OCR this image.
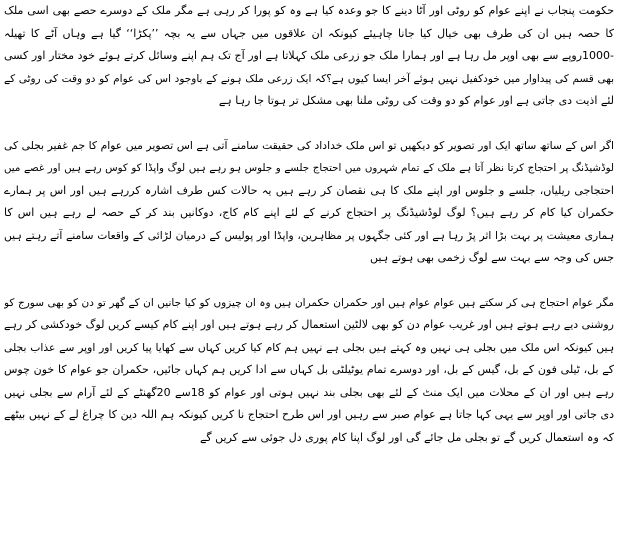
حکومت پنجاب نے اپنے عوام کو روٹی اور آٹا دینے کا جو وعدہ کیا ہے وہ کو پورا کر رہی ہے مگر ملک کے دوسرے حصے بھی اسی ملک
کا حصہ ہیں ان کی طرف بھی خیال کیا جانا چاہیئے کیونکہ ان علاقوں میں جہاں سے یہ بچہ ’’پکڑا‘‘ گیا ہے وہاں آٹے کا تھیلہ
-1000روپے سے بھی اوپر مل رہا ہے اور ہمارا ملک جو زرعی ملک کہلاتا ہے اور آج تک ہم اپنے وسائل کرتے ہوئے خود مختار اور کسی
بھی قسم کی پیداوار میں خودکفیل نہیں ہوئے آخر ایسا کیوں ہے؟کہ ایک زرعی ملک ہونے کے باوجود اس کی عوام کو دو وقت کی روٹی کے
لئے اذیت دی جاتی ہے اور عوام کو دو وقت کی روٹی ملنا بھی مشکل تر ہوتا جا رہا ہے
اگر اس کے ساتھ ساتھ ایک اور تصویر کو دیکھیں تو اس ملک خداداد کی حقیقت سامنے آتی ہے اس تصویر میں عوام کا جم غفیر بجلی کی
لوڈشیڈنگ پر احتجاج کرتا نظر آتا ہے ملک کے تمام شہروں میں احتجاج جلسے و جلوس ہو رہے ہیں لوگ واپڈا کو کوس رہے ہیں اور غصے میں
احتجاجی ریلیاں، جلسے و جلوس اور اپنے ملک کا ہی نقصان کر رہے ہیں یہ حالات کس طرف اشارہ کررہے ہیں اور اس پر ہمارے
حکمران کیا کام کر رہے ہیں؟ لوگ لوڈشیڈنگ پر احتجاج کرنے کے لئے اپنے کام کاج، دوکانیں بند کر کے حصہ لے رہے ہیں اس کا
ہماری معیشت پر بہت بڑا اثر پڑ رہا ہے اور کئی جگہوں پر مظاہرین، واپڈا اور پولیس کے درمیان لڑائی کے واقعات سامنے آتے رہتے ہیں
جس کی وجہ سے بہت سے لوگ زخمی بھی ہوتے ہیں
مگر عوام احتجاج ہی کر سکتے ہیں عوام عوام ہیں اور حکمران حکمران ہیں وہ ان چیزوں کو کیا جانیں ان کے گھر تو دن کو بھی سورج کو
روشنی دیے رہے ہوتے ہیں اور غریب عوام دن کو بھی لالٹین استعمال کر رہے ہوتے ہیں اور اپنے کام کیسے کریں لوگ خودکشی کر رہے
ہیں کیونکہ اس ملک میں بجلی ہی نہیں وہ کہتے ہیں بجلی ہے نہیں ہم کام کیا کریں کہاں سے کھایا پیا کریں اور اوپر سے عذاب بجلی
کے بل، ٹیلی فون کے بل، گیس کے بل، اور دوسرے تمام یوٹیلٹی بل کہاں سے ادا کریں ہم کہاں جائیں، حکمران جو عوام کا خون چوس
رہے ہیں اور ان کے محلات میں ایک منٹ کے لئے بھی بجلی بند نہیں ہوتی اور عوام کو 18سے 20گھنٹے کے لئے آرام سے بجلی نہیں
دی جاتی اور اوپر سے یہی کہا جاتا ہے عوام صبر سے رہیں اور اس طرح احتجاج نا کریں کیونکہ ہم اللہ دین کا چراغ لے کے نہیں بیٹھے
کہ وہ استعمال کریں گے تو بجلی مل جائے گی اور لوگ اپنا کام پوری دل جوئی سے کریں گے
